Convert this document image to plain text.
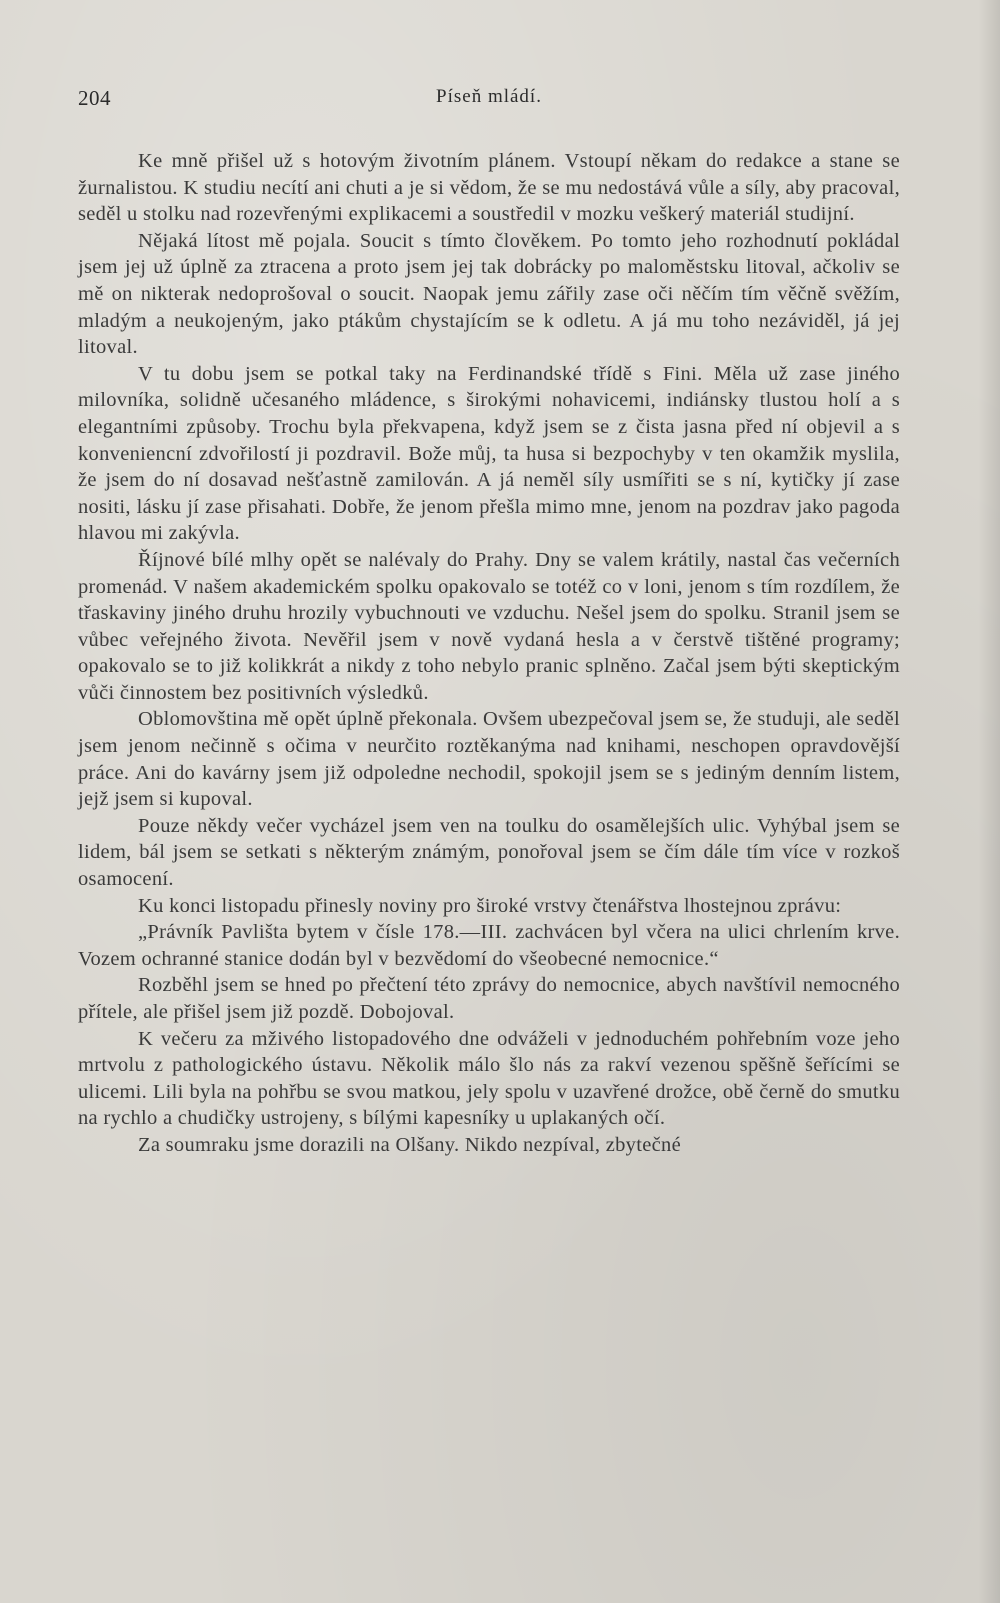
204	Píseň mládí.

Ke mně přišel už s hotovým životním plánem. Vstoupí někam do redakce a stane se žurnalistou. K studiu necítí ani chuti a je si vědom, že se mu nedostává vůle a síly, aby pracoval, seděl u stolku nad rozevřenými explikacemi a soustředil v mozku veškerý materiál studijní.

Nějaká lítost mě pojala. Soucit s tímto člověkem. Po tomto jeho rozhodnutí pokládal jsem jej už úplně za ztracena a proto jsem jej tak dobrácky po maloměstsku litoval, ačkoliv se mě on nikterak nedoprošoval o soucit. Naopak jemu zářily zase oči něčím tím věčně svěžím, mladým a neukojeným, jako ptákům chystajícím se k odletu. A já mu toho nezáviděl, já jej litoval.

V tu dobu jsem se potkal taky na Ferdinandské třídě s Fini. Měla už zase jiného milovníka, solidně učesaného mládence, s širokými nohavicemi, indiánsky tlustou holí a s elegantními způsoby. Trochu byla překvapena, když jsem se z čista jasna před ní objevil a s konveniencní zdvořilostí ji pozdravil. Bože můj, ta husa si bezpochyby v ten okamžik myslila, že jsem do ní dosavad nešťastně zamilován. A já neměl síly usmířiti se s ní, kytičky jí zase nositi, lásku jí zase přisahati. Dobře, že jenom přešla mimo mne, jenom na pozdrav jako pagoda hlavou mi zakývla.

Říjnové bílé mlhy opět se nalévaly do Prahy. Dny se valem krátily, nastal čas večerních promenád. V našem akademickém spolku opakovalo se totéž co v loni, jenom s tím rozdílem, že třaskaviny jiného druhu hrozily vybuchnouti ve vzduchu. Nešel jsem do spolku. Stranil jsem se vůbec veřejného života. Nevěřil jsem v nově vydaná hesla a v čerstvě tištěné programy; opakovalo se to již kolikkrát a nikdy z toho nebylo pranic splněno. Začal jsem býti skeptickým vůči činnostem bez positivních výsledků.

Oblomovština mě opět úplně překonala. Ovšem ubezpečoval jsem se, že studuji, ale seděl jsem jenom nečinně s očima v neurčito roztěkanýma nad knihami, neschopen opravdovější práce. Ani do kavárny jsem již odpoledne nechodil, spokojil jsem se s jediným denním listem, jejž jsem si kupoval.

Pouze někdy večer vycházel jsem ven na toulku do osamělejších ulic. Vyhýbal jsem se lidem, bál jsem se setkati s některým známým, ponořoval jsem se čím dále tím více v rozkoš osamocení.

Ku konci listopadu přinesly noviny pro široké vrstvy čtenářstva lhostejnou zprávu:

„Právník Pavlišta bytem v čísle 178.—III. zachvácen byl včera na ulici chrlením krve. Vozem ochranné stanice dodán byl v bezvědomí do všeobecné nemocnice.“

Rozběhl jsem se hned po přečtení této zprávy do nemocnice, abych navštívil nemocného přítele, ale přišel jsem již pozdě. Dobojoval.

K večeru za mživého listopadového dne odváželi v jednoduchém pohřebním voze jeho mrtvolu z pathologického ústavu. Několik málo šlo nás za rakví vezenou spěšně šeřícími se ulicemi. Lili byla na pohřbu se svou matkou, jely spolu v uzavřené drožce, obě černě do smutku na rychlo a chudičky ustrojeny, s bílými kapesníky u uplakaných očí.

Za soumraku jsme dorazili na Olšany. Nikdo nezpíval, zbytečné
